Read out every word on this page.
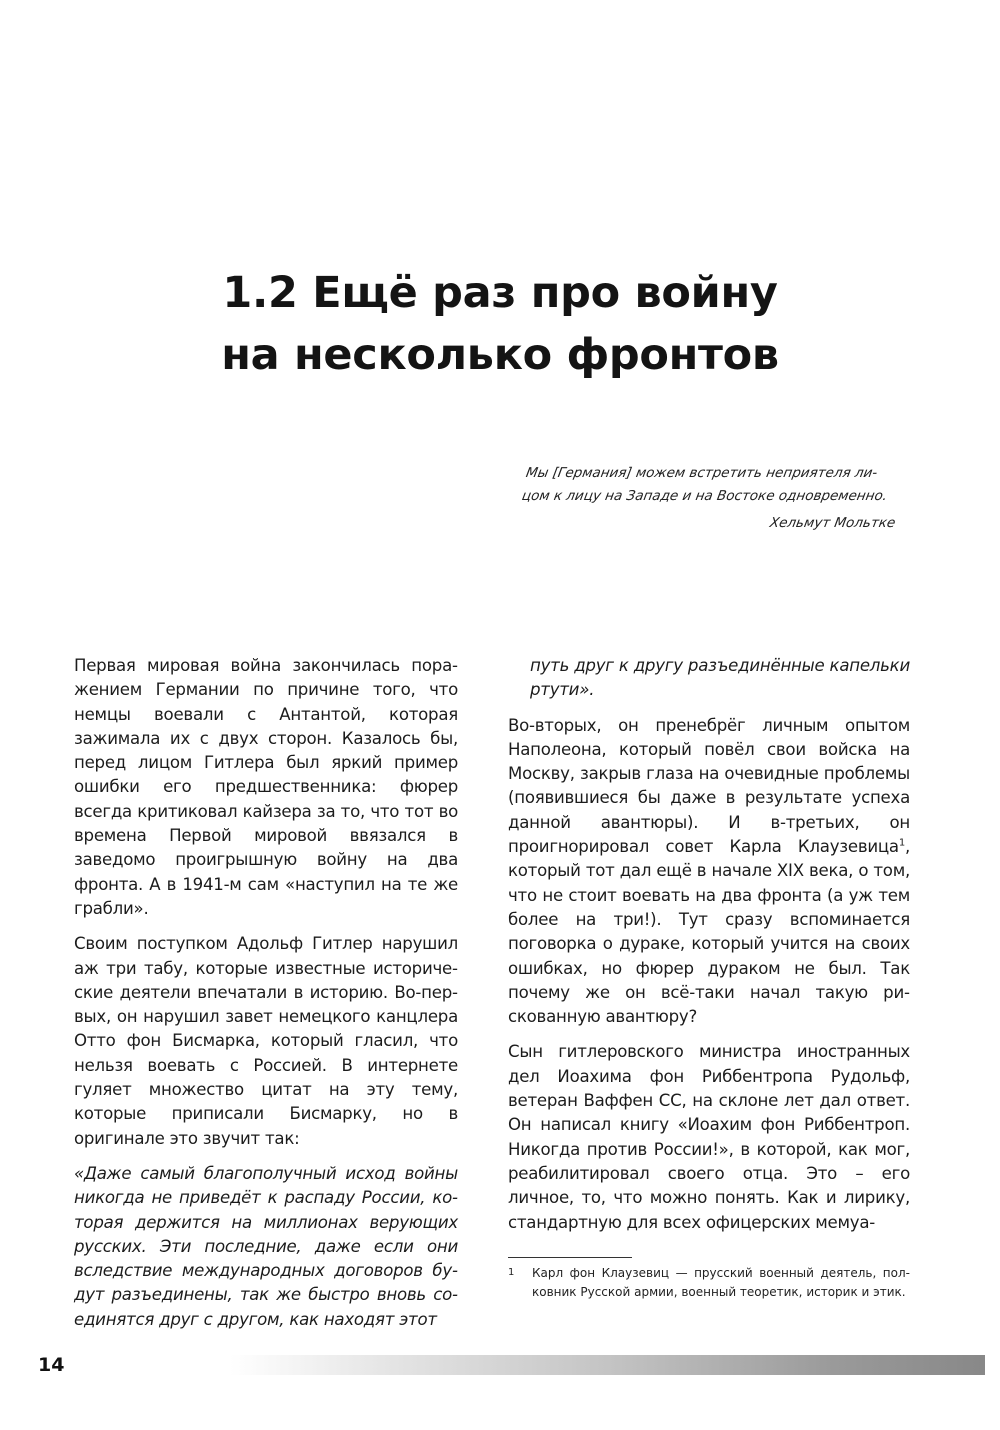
1.2 Ещё раз про войну
на несколько фронтов

Мы [Германия] можем встретить неприятеля ли-

цом к лицу на Западе и на Востоке одновременно.

Хельмут Мольтке

Первая мировая война закончилась поражением Германии по причине того, что немцы воевали с Антантой, которая зажимала их с двух сторон. Казалось бы, перед лицом Гитлера был яркий пример ошибки его предшественника: фюрер всегда критиковал кайзера за то, что тот во времена Первой мировой ввязался в заведомо проигрышную войну на два фронта. А в 1941-м сам «наступил на те же грабли».

Своим поступком Адольф Гитлер нарушил аж три табу, которые известные исторические деятели впечатали в историю. Во-первых, он нарушил завет немецкого канцлера Отто фон Бисмарка, который гласил, что нельзя воевать с Россией. В интернете гуляет множество цитат на эту тему, которые приписали Бисмарку, но в оригинале это звучит так:

«Даже самый благополучный исход войны никогда не приведёт к распаду России, которая держится на миллионах верующих русских. Эти последние, даже если они вследствие международных договоров будут разъединены, так же быстро вновь соединятся друг с другом, как находят этот

путь друг к другу разъединённые капельки ртути».

Во-вторых, он пренебрёг личным опытом Наполеона, который повёл свои войска на Москву, закрыв глаза на очевидные проблемы (появившиеся бы даже в результате успеха данной авантюры). И в-третьих, он проигнорировал совет Карла Клаузевица$^1$, который тот дал ещё в начале XIX века, о том, что не стоит воевать на два фронта (а уж тем более на три!). Тут сразу вспоминается поговорка о дураке, который учится на своих ошибках, но фюрер дураком не был. Так почему же он всё-таки начал такую рискованную авантюру?

Сын гитлеровского министра иностранных дел Иоахима фон Риббентропа Рудольф, ветеран Ваффен СС, на склоне лет дал ответ. Он написал книгу «Иоахим фон Риббентроп. Никогда против России!», в которой, как мог, реабилитировал своего отца. Это – его личное, то, что можно понять. Как и лирику, стандартную для всех офицерских мемуа-

1	Карл фон Клаузевиц — прусский военный деятель, полковник Русской армии, военный теоретик, историк и этик.
14
